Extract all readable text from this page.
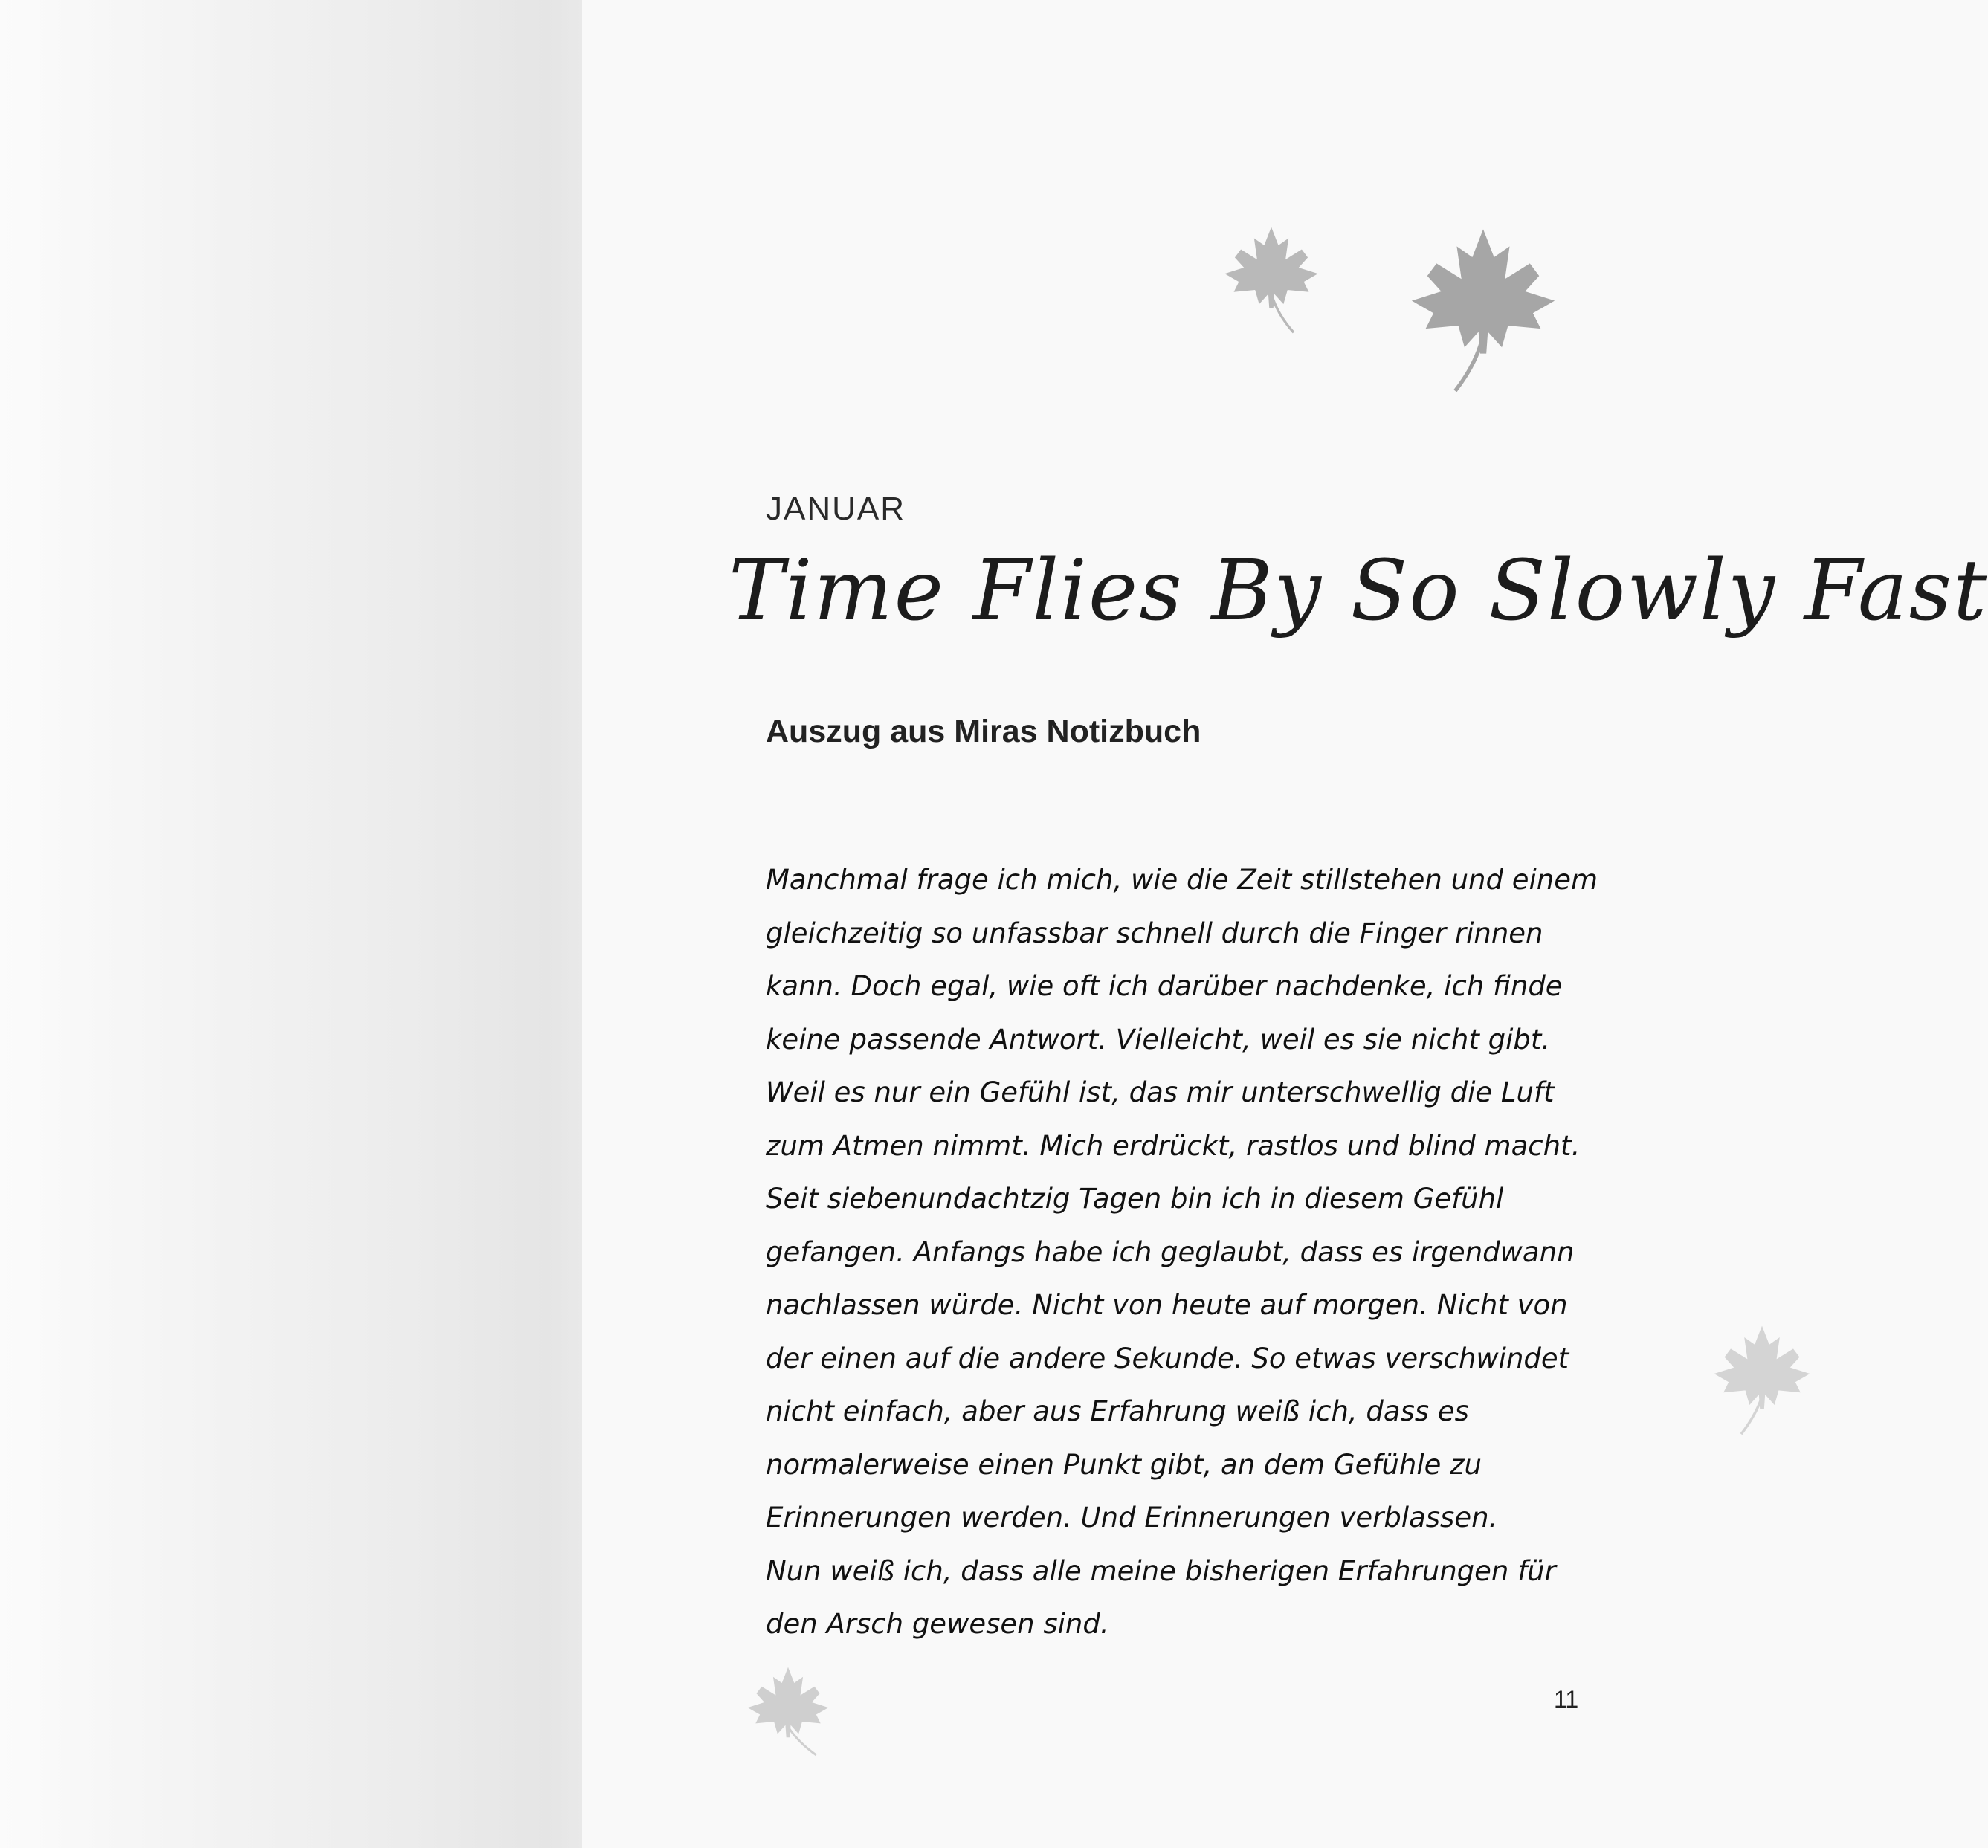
JANUAR
Time Flies By So Slowly Fast
Auszug aus Miras Notizbuch

Manchmal frage ich mich, wie die Zeit stillstehen und einem gleichzeitig so unfassbar schnell durch die Finger rinnen kann. Doch egal, wie oft ich darüber nachdenke, ich finde keine passende Antwort. Vielleicht, weil es sie nicht gibt. Weil es nur ein Gefühl ist, das mir unterschwellig die Luft zum Atmen nimmt. Mich erdrückt, rastlos und blind macht.

Seit siebenundachtzig Tagen bin ich in diesem Gefühl gefangen. Anfangs habe ich geglaubt, dass es irgendwann nachlassen würde. Nicht von heute auf morgen. Nicht von der einen auf die andere Sekunde. So etwas verschwindet nicht einfach, aber aus Erfahrung weiß ich, dass es normalerweise einen Punkt gibt, an dem Gefühle zu Erinnerungen werden. Und Erinnerungen verblassen.

Nun weiß ich, dass alle meine bisherigen Erfahrungen für den Arsch gewesen sind.

11
